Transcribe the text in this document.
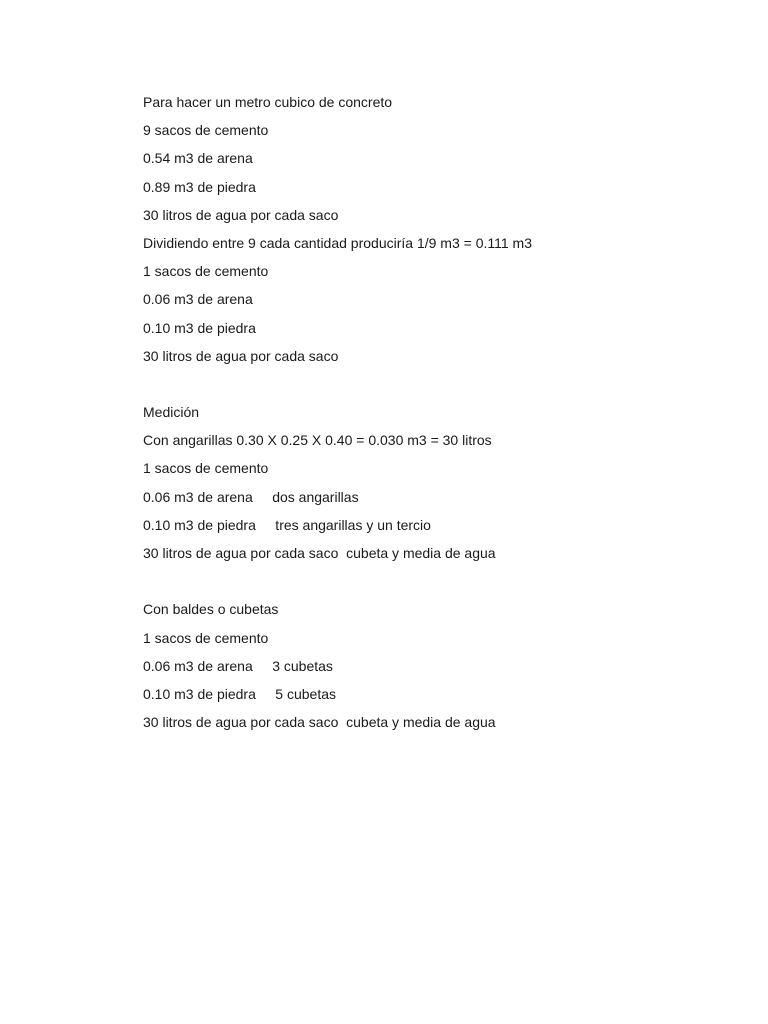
Para hacer un metro cubico de concreto
9 sacos de cemento
0.54 m3 de arena
0.89 m3 de piedra
30 litros de agua por cada saco
Dividiendo entre 9 cada cantidad produciría 1/9 m3 = 0.111 m3
1 sacos de cemento
0.06 m3 de arena
0.10 m3 de piedra
30 litros de agua por cada saco
Medición
Con angarillas 0.30 X 0.25 X 0.40 = 0.030 m3 = 30 litros
1 sacos de cemento
0.06 m3 de arena     dos angarillas
0.10 m3 de piedra     tres angarillas y un tercio
30 litros de agua por cada saco  cubeta y media de agua
Con baldes o cubetas
1 sacos de cemento
0.06 m3 de arena     3 cubetas
0.10 m3 de piedra     5 cubetas
30 litros de agua por cada saco  cubeta y media de agua
